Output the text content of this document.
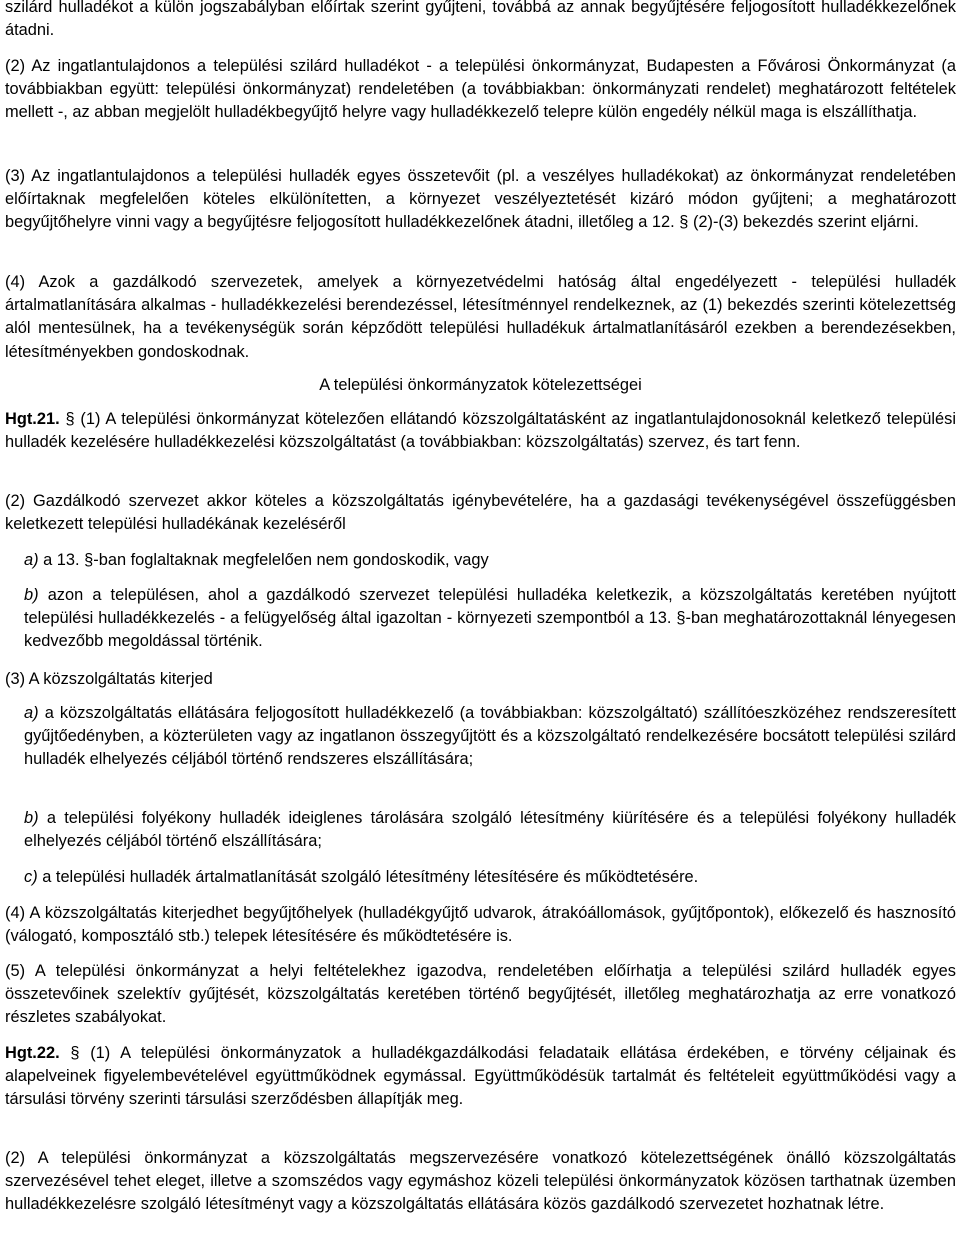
szilárd hulladékot a külön jogszabályban előírtak szerint gyűjteni, továbbá az annak begyűjtésére feljogosított hulladékkezelőnek átadni.

(2) Az ingatlantulajdonos a települési szilárd hulladékot - a települési önkormányzat, Budapesten a Fővárosi Önkormányzat (a továbbiakban együtt: települési önkormányzat) rendeletében (a továbbiakban: önkormányzati rendelet) meghatározott feltételek mellett -, az abban megjelölt hulladékbegyűjtő helyre vagy hulladékkezelő telepre külön engedély nélkül maga is elszállíthatja.

(3) Az ingatlantulajdonos a települési hulladék egyes összetevőit (pl. a veszélyes hulladékokat) az önkormányzat rendeletében előírtaknak megfelelően köteles elkülönítetten, a környezet veszélyeztetését kizáró módon gyűjteni; a meghatározott begyűjtőhelyre vinni vagy a begyűjtésre feljogosított hulladékkezelőnek átadni, illetőleg a 12. § (2)-(3) bekezdés szerint eljárni.

(4) Azok a gazdálkodó szervezetek, amelyek a környezetvédelmi hatóság által engedélyezett - települési hulladék ártalmatlanítására alkalmas - hulladékkezelési berendezéssel, létesítménnyel rendelkeznek, az (1) bekezdés szerinti kötelezettség alól mentesülnek, ha a tevékenységük során képződött települési hulladékuk ártalmatlanításáról ezekben a berendezésekben, létesítményekben gondoskodnak.

A települési önkormányzatok kötelezettségei

Hgt.21. § (1) A települési önkormányzat kötelezően ellátandó közszolgáltatásként az ingatlantulajdonosoknál keletkező települési hulladék kezelésére hulladékkezelési közszolgáltatást (a továbbiakban: közszolgáltatás) szervez, és tart fenn.

(2) Gazdálkodó szervezet akkor köteles a közszolgáltatás igénybevételére, ha a gazdasági tevékenységével összefüggésben keletkezett települési hulladékának kezeléséről

a) a 13. §-ban foglaltaknak megfelelően nem gondoskodik, vagy

b) azon a településen, ahol a gazdálkodó szervezet települési hulladéka keletkezik, a közszolgáltatás keretében nyújtott települési hulladékkezelés - a felügyelőség által igazoltan - környezeti szempontból a 13. §-ban meghatározottaknál lényegesen kedvezőbb megoldással történik.

(3) A közszolgáltatás kiterjed

a) a közszolgáltatás ellátására feljogosított hulladékkezelő (a továbbiakban: közszolgáltató) szállítóeszközéhez rendszeresített gyűjtőedényben, a közterületen vagy az ingatlanon összegyűjtött és a közszolgáltató rendelkezésére bocsátott települési szilárd hulladék elhelyezés céljából történő rendszeres elszállítására;

b) a települési folyékony hulladék ideiglenes tárolására szolgáló létesítmény kiürítésére és a települési folyékony hulladék elhelyezés céljából történő elszállítására;

c) a települési hulladék ártalmatlanítását szolgáló létesítmény létesítésére és működtetésére.

(4) A közszolgáltatás kiterjedhet begyűjtőhelyek (hulladékgyűjtő udvarok, átrakóállomások, gyűjtőpontok), előkezelő és hasznosító (válogató, komposztáló stb.) telepek létesítésére és működtetésére is.

(5) A települési önkormányzat a helyi feltételekhez igazodva, rendeletében előírhatja a települési szilárd hulladék egyes összetevőinek szelektív gyűjtését, közszolgáltatás keretében történő begyűjtését, illetőleg meghatározhatja az erre vonatkozó részletes szabályokat.

Hgt.22. § (1) A települési önkormányzatok a hulladékgazdálkodási feladataik ellátása érdekében, e törvény céljainak és alapelveinek figyelembevételével együttműködnek egymással. Együttműködésük tartalmát és feltételeit együttműködési vagy a társulási törvény szerinti társulási szerződésben állapítják meg.

(2) A települési önkormányzat a közszolgáltatás megszervezésére vonatkozó kötelezettségének önálló közszolgáltatás szervezésével tehet eleget, illetve a szomszédos vagy egymáshoz közeli települési önkormányzatok közösen tarthatnak üzemben hulladékkezelésre szolgáló létesítményt vagy a közszolgáltatás ellátására közös gazdálkodó szervezetet hozhatnak létre.
